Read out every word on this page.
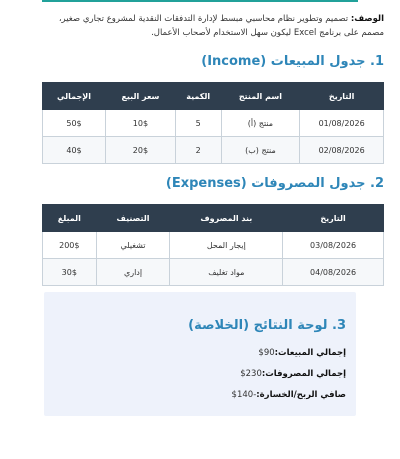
الوصف: تصميم وتطوير نظام محاسبي مبسط لإدارة التدفقات النقدية لمشروع تجاري صغير،
مصمم على برنامج Excel ليكون سهل الاستخدام لأصحاب الأعمال.
1. جدول المبيعات (Income)
التاريخ	اسم المنتج	الكمية	سعر البيع	الإجمالي
01/08/2026	منتج (أ)	5	10$	50$
02/08/2026	منتج (ب)	2	20$	40$
2. جدول المصروفات (Expenses)
التاريخ	بند المصروف	التصنيف	المبلغ
03/08/2026	إيجار المحل	تشغيلي	200$
04/08/2026	مواد تغليف	إداري	30$
3. لوحة النتائج (الخلاصة)
إجمالي المبيعات:90$
إجمالي المصروفات:230$
صافي الربح/الخسارة:-140$
